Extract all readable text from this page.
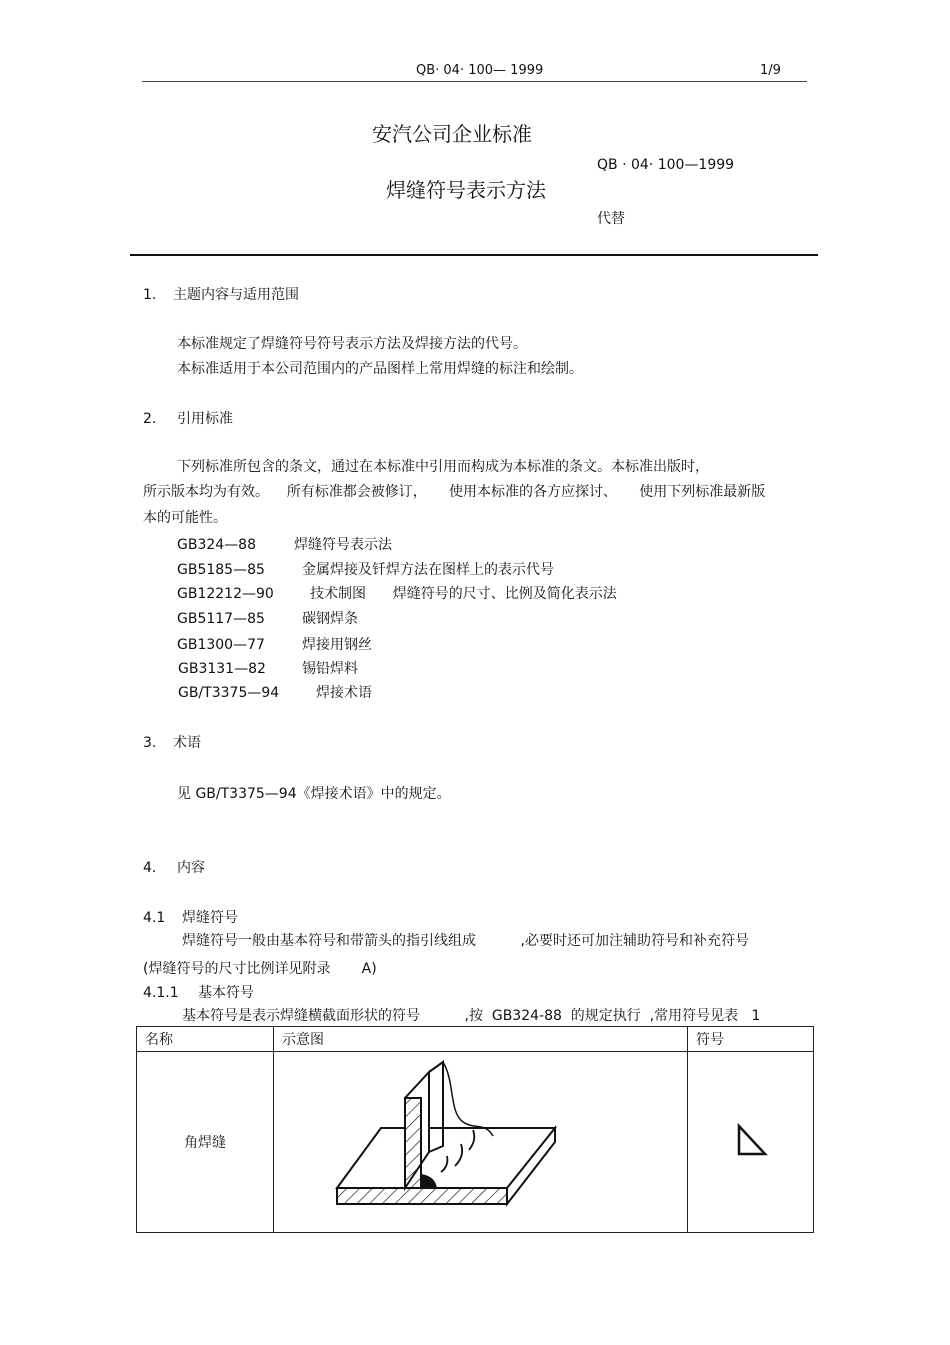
QB· 04· 100— 1999	1/9
安汽公司企业标准
QB · 04· 100—1999
焊缝符号表示方法
代替
1. 主题内容与适用范围
本标准规定了焊缝符号符号表示方法及焊接方法的代号。
本标准适用于本公司范围内的产品图样上常用焊缝的标注和绘制。
2. 引用标准
下列标准所包含的条文，通过在本标准中引用而构成为本标准的条文。本标准出版时，
所示版本均为有效。    所有标准都会被修订，     使用本标准的各方应探讨、     使用下列标准最新版
本的可能性。
GB324—88	焊缝符号表示法
GB5185—85	金属焊接及钎焊方法在图样上的表示代号
GB12212—90	技术制图      焊缝符号的尺寸、比例及简化表示法
GB5117—85	碳钢焊条
GB1300—77	焊接用钢丝
GB3131—82	锡铅焊料
GB/T3375—94	焊接术语
3. 术语
见 GB/T3375—94《焊接术语》中的规定。
4. 内容
4.1 焊缝符号
焊缝符号一般由基本符号和带箭头的指引线组成          ,必要时还可加注辅助符号和补充符号
(焊缝符号的尺寸比例详见附录       A)
4.1.1 基本符号
基本符号是表示焊缝横截面形状的符号          ,按  GB324-88  的规定执行  ,常用符号见表   1
名称	示意图	符号
角焊缝		
